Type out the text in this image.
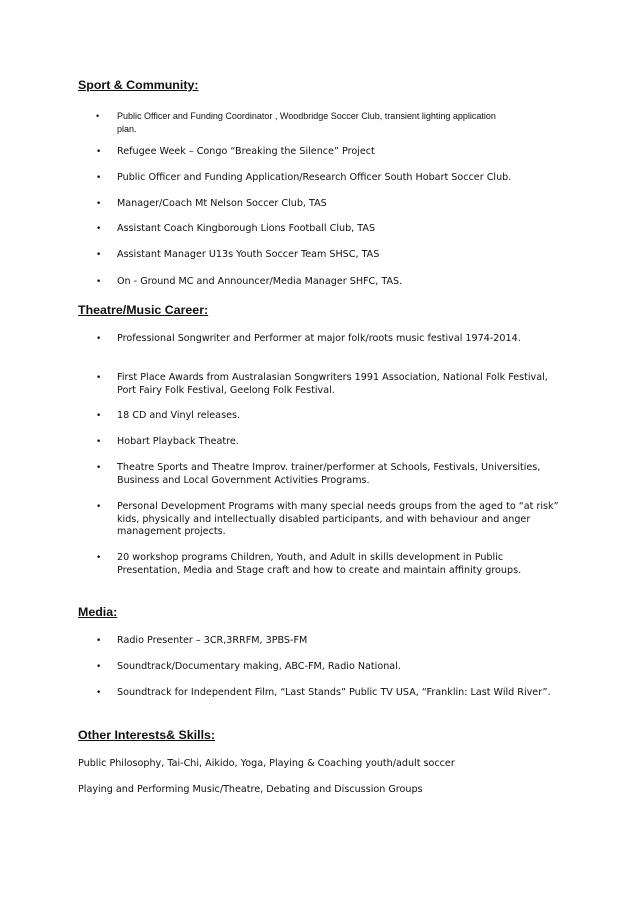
Sport & Community:
• Public Officer and Funding Coordinator , Woodbridge Soccer Club, transient lighting application plan.
• Refugee Week – Congo “Breaking the Silence” Project
• Public Officer and Funding Application/Research Officer South Hobart Soccer Club.
• Manager/Coach Mt Nelson Soccer Club, TAS
• Assistant Coach Kingborough Lions Football Club, TAS
• Assistant Manager U13s Youth Soccer Team SHSC, TAS
• On - Ground MC and Announcer/Media Manager SHFC, TAS.
Theatre/Music Career:
• Professional Songwriter and Performer at major folk/roots music festival 1974-2014.
• First Place Awards from Australasian Songwriters 1991 Association, National Folk Festival, Port Fairy Folk Festival, Geelong Folk Festival.
• 18 CD and Vinyl releases.
• Hobart Playback Theatre.
• Theatre Sports and Theatre Improv. trainer/performer at Schools, Festivals, Universities, Business and Local Government Activities Programs.
• Personal Development Programs with many special needs groups from the aged to “at risk” kids, physically and intellectually disabled participants, and with behaviour and anger management projects.
• 20 workshop programs Children, Youth, and Adult in skills development in Public Presentation, Media and Stage craft and how to create and maintain affinity groups.
Media:
• Radio Presenter – 3CR,3RRFM, 3PBS-FM
• Soundtrack/Documentary making, ABC-FM, Radio National.
• Soundtrack for Independent Film, “Last Stands” Public TV USA, “Franklin: Last Wild River”.
Other Interests& Skills:

Public Philosophy, Tai-Chi, Aikido, Yoga, Playing & Coaching youth/adult soccer

Playing and Performing Music/Theatre, Debating and Discussion Groups
